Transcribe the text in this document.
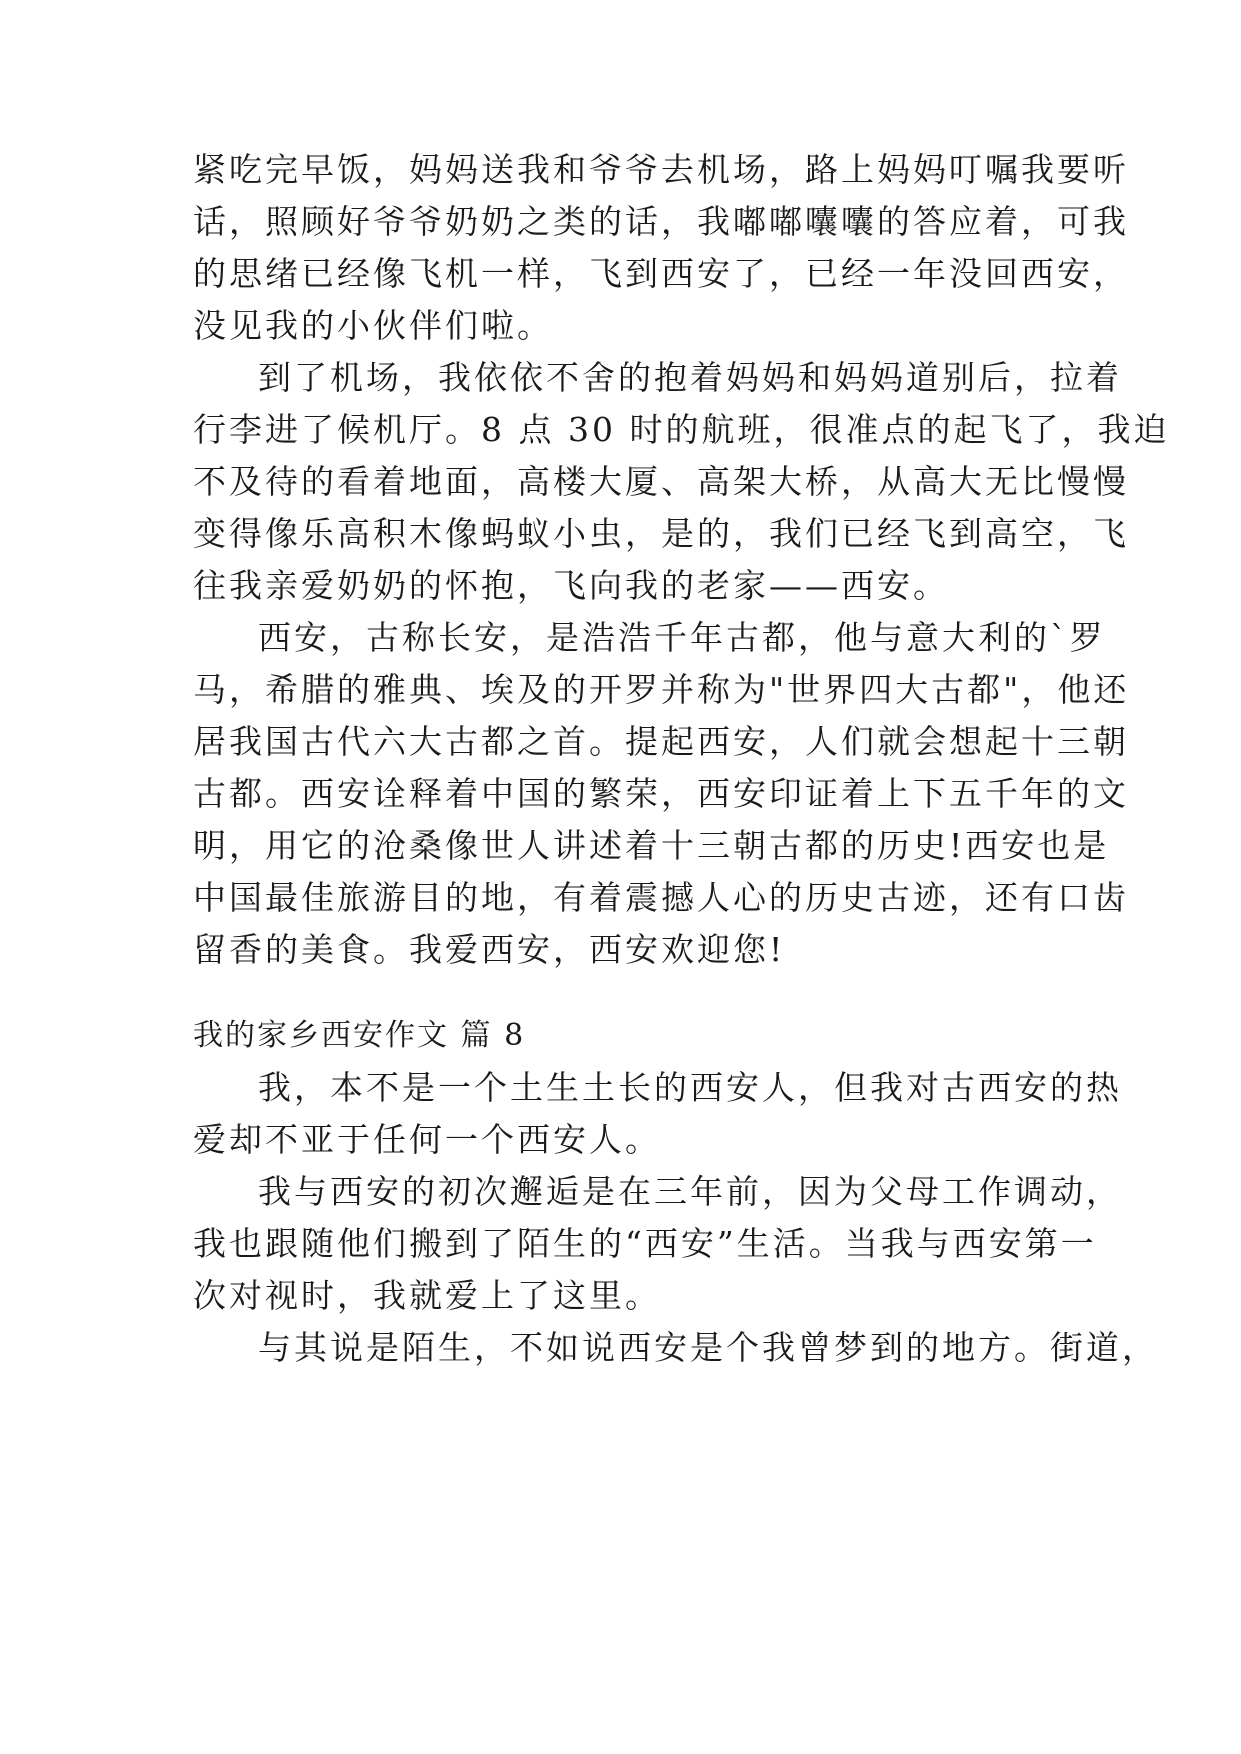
紧吃完早饭，妈妈送我和爷爷去机场，路上妈妈叮嘱我要听
话，照顾好爷爷奶奶之类的话，我嘟嘟囔囔的答应着，可我
的思绪已经像飞机一样，飞到西安了，已经一年没回西安，
没见我的小伙伴们啦。
到了机场，我依依不舍的抱着妈妈和妈妈道别后，拉着
行李进了候机厅。8 点 30 时的航班，很准点的起飞了，我迫
不及待的看着地面，高楼大厦、高架大桥，从高大无比慢慢
变得像乐高积木像蚂蚁小虫，是的，我们已经飞到高空，飞
往我亲爱奶奶的怀抱，飞向我的老家——西安。
西安，古称长安，是浩浩千年古都，他与意大利的`罗
马，希腊的雅典、埃及的开罗并称为"世界四大古都"，他还
居我国古代六大古都之首。提起西安，人们就会想起十三朝
古都。西安诠释着中国的繁荣，西安印证着上下五千年的文
明，用它的沧桑像世人讲述着十三朝古都的历史!西安也是
中国最佳旅游目的地，有着震撼人心的历史古迹，还有口齿
留香的美食。我爱西安，西安欢迎您!
我的家乡西安作文 篇 8
我，本不是一个土生土长的西安人，但我对古西安的热
爱却不亚于任何一个西安人。
我与西安的初次邂逅是在三年前，因为父母工作调动，
我也跟随他们搬到了陌生的“西安”生活。当我与西安第一
次对视时，我就爱上了这里。
与其说是陌生，不如说西安是个我曾梦到的地方。街道，
